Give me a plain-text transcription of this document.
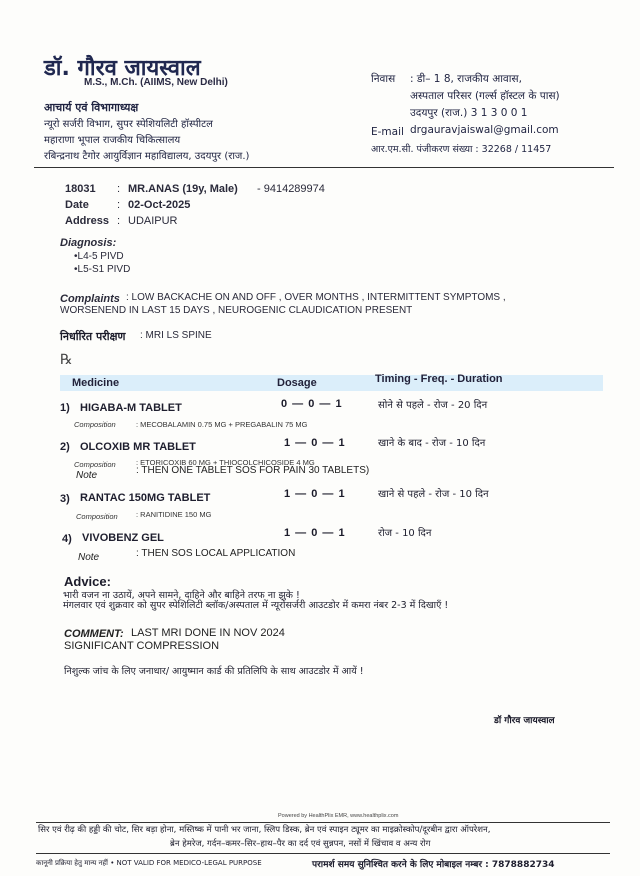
डॉ. गौरव जायस्वाल
M.S., M.Ch. (AIIMS, New Delhi)
आचार्य एवं विभागाध्यक्ष
न्यूरो सर्जरी विभाग, सुपर स्पेशियलिटी हॉस्पीटल
महाराणा भूपाल राजकीय चिकित्सालय
रबिन्द्रनाथ टैगोर आयुर्विज्ञान महाविद्यालय, उदयपुर (राज.)
निवास : डी– 1 8, राजकीय आवास,
अस्पताल परिसर (गर्ल्स हॉस्टल के पास)
उदयपुर (राज.) 3 1 3 0 0 1
E-mail drgauravjaiswal@gmail.com
आर.एम.सी. पंजीकरण संख्या : 32268 / 11457
18031 : MR.ANAS (19y, Male) - 9414289974
Date	: 02-Oct-2025
Address : UDAIPUR
Diagnosis:
• L4-5 PIVD
• L5-S1 PIVD
Complaints : LOW BACKACHE ON AND OFF , OVER MONTHS , INTERMITTENT SYMPTOMS ,
WORSENEND IN LAST 15 DAYS , NEUROGENIC CLAUDICATION PRESENT
निर्धारित परीक्षण : MRI LS SPINE
℞
Medicine	Dosage	Timing - Freq. - Duration
1) HIGABA-M TABLET	0 — 0 — 1	सोने से पहले - रोज - 20 दिन
Composition	: MECOBALAMIN 0.75 MG + PREGABALIN 75 MG
2) OLCOXIB MR TABLET	1 — 0 — 1	खाने के बाद - रोज - 10 दिन
Composition	: ETORICOXIB 60 MG + THIOCOLCHICOSIDE 4 MG
Note	: THEN ONE TABLET SOS FOR PAIN 30 TABLETS)
3) RANTAC 150MG TABLET	1 — 0 — 1	खाने से पहले - रोज - 10 दिन
Composition : RANITIDINE 150 MG
4) VIVOBENZ GEL	1 — 0 — 1	रोज - 10 दिन
Note	: THEN SOS LOCAL APPLICATION
Advice:
भारी वजन ना उठायें, अपने सामने, दाहिने और बाहिने तरफ ना झुके !
मंगलवार एवं शुक्रवार को सुपर स्पेशिलिटी ब्लॉक/अस्पताल में न्यूरोसर्जरी आउटडोर में कमरा नंबर 2-3 में दिखाएँ !
COMMENT: LAST MRI DONE IN NOV 2024
SIGNIFICANT COMPRESSION
निशुल्क जांच के लिए जनाधार/ आयुष्मान कार्ड की प्रतिलिपि के साथ आउटडोर में आयें !
डॉ गौरव जायस्वाल
Powered by HealthPlix EMR, www.healthplix.com
सिर एवं रीढ़ की हड्डी की चोट, सिर बड़ा होना, मस्तिष्क में पानी भर जाना, स्लिप डिस्क, ब्रेन एवं स्पाइन ट्यूमर का माइक्रोस्कोप/दूरबीन द्वारा ऑपरेशन,
ब्रेन हेमरेज, गर्दन–कमर–सिर–हाथ–पैर का दर्द एवं सुन्नपन, नसों में खिंचाव व अन्य रोग
कानूनी प्रक्रिया हेतु मान्य नहीं • NOT VALID FOR MEDICO-LEGAL PURPOSE	परामर्श समय सुनिश्चित करने के लिए मोबाइल नम्बर : 7878882734
